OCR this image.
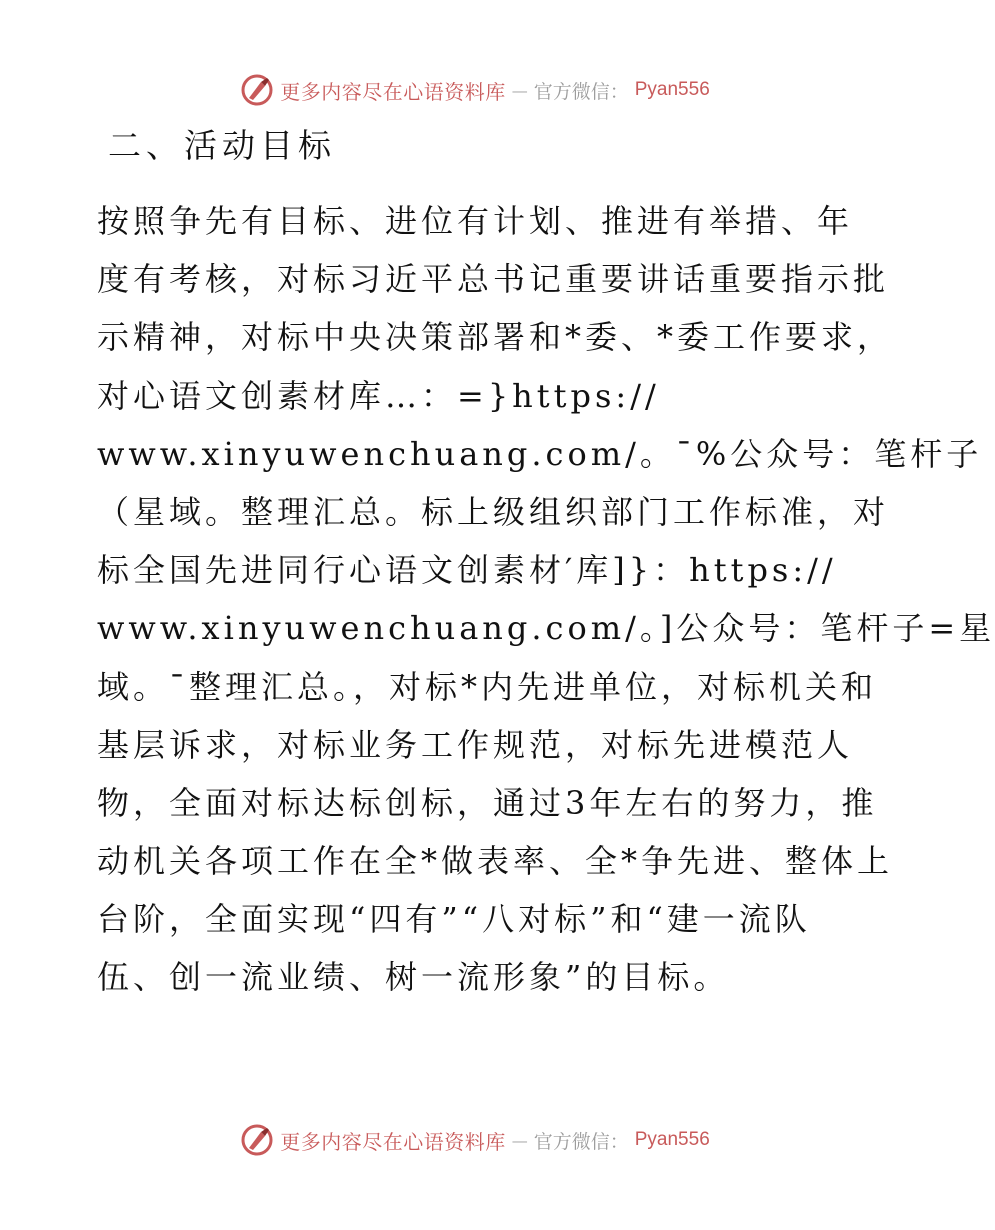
更多内容尽在心语资料库 — 官方微信： Pyan556
二、活动目标
按照争先有目标、进位有计划、推进有举措、年
度有考核，对标习近平总书记重要讲话重要指示批
示精神，对标中央决策部署和*委、*委工作要求，
对心语文创素材库…：=}https://
www.xinyuwenchuang.com/。¯%公众号：笔杆子
（星域。整理汇总。标上级组织部门工作标准，对
标全国先进同行心语文创素材′库]}：https://
www.xinyuwenchuang.com/。]公众号：笔杆子=星
域。¯整理汇总。，对标*内先进单位，对标机关和
基层诉求，对标业务工作规范，对标先进模范人
物，全面对标达标创标，通过3年左右的努力，推
动机关各项工作在全*做表率、全*争先进、整体上
台阶，全面实现“四有”“八对标”和“建一流队
伍、创一流业绩、树一流形象”的目标。
更多内容尽在心语资料库 — 官方微信： Pyan556
